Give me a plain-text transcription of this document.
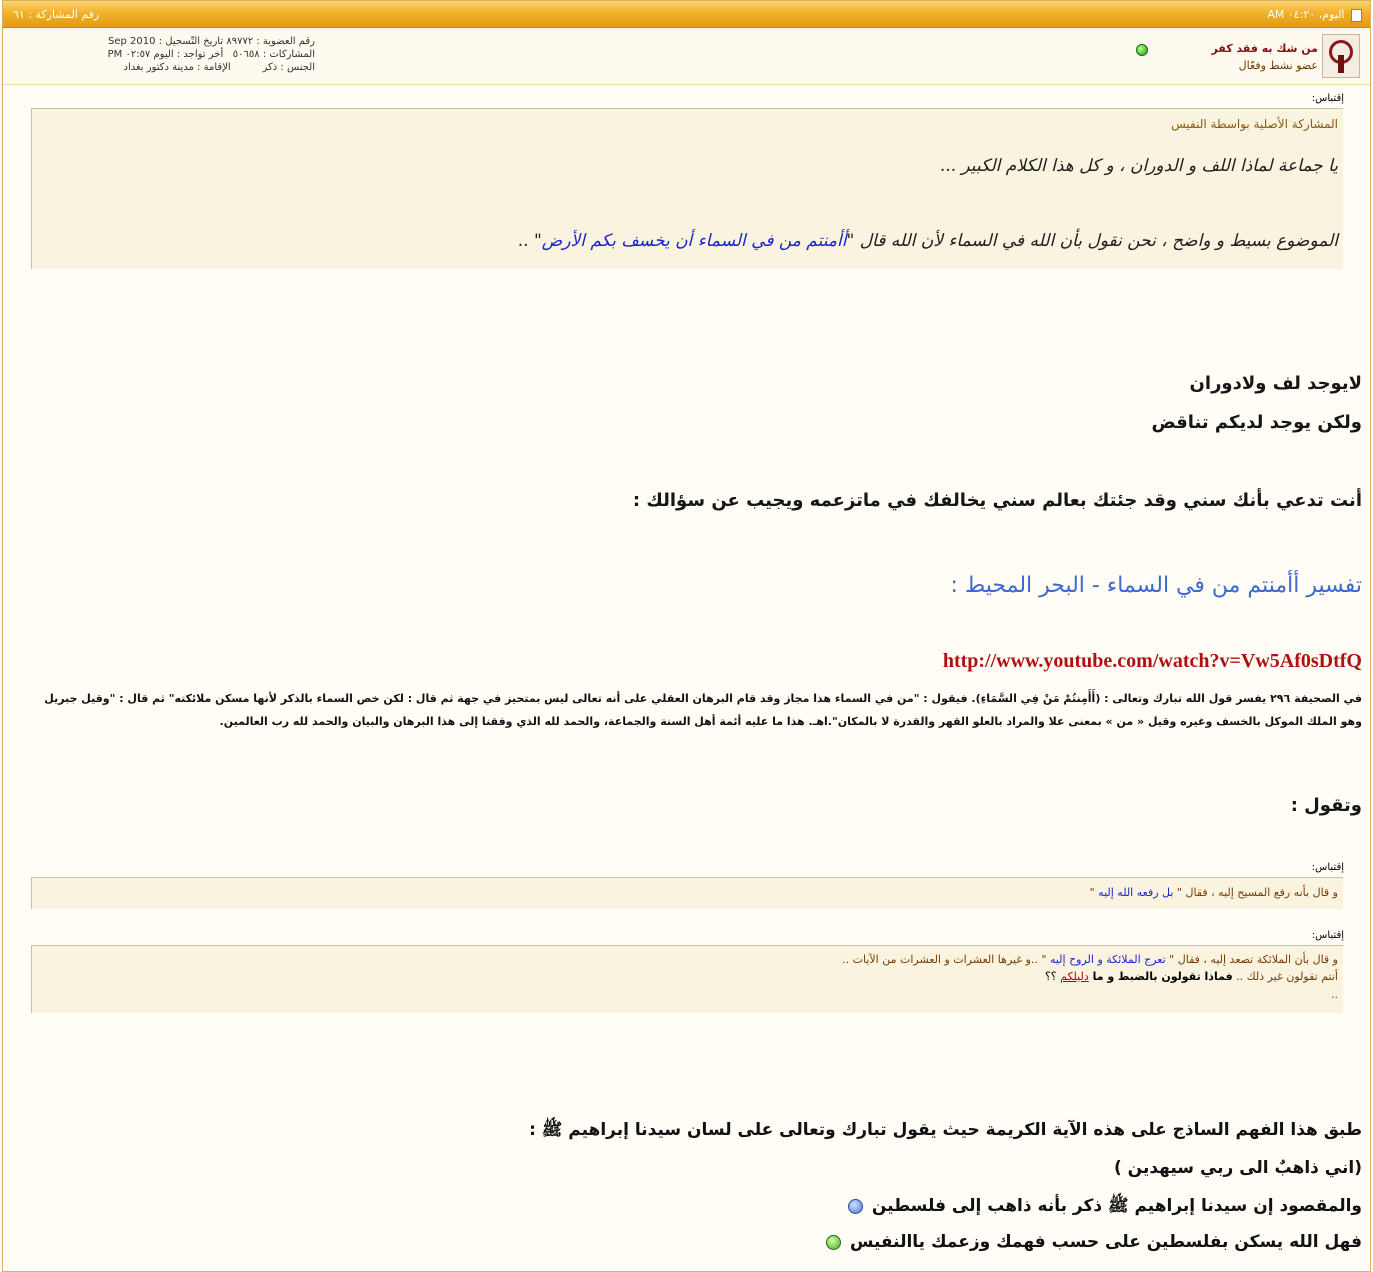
اليوم، ٠٤:٢٠ AM
رقم المشاركة : ٦١
من شك به فقد كفر
عضو نشط وفعّال
رقم العضوية : ٨٩٧٧٢ تاريخ التّسجيل : Sep 2010
المشاركات : ٥٠٦٥٨   أخر تواجد : اليوم ٠٢:٥٧ PM
الجنس : ذكر          الإقامة : مدينة دكتور بغداد
إقتباس:
المشاركة الأصلية بواسطة النفيس
يا جماعة لماذا اللف و الدوران ، و كل هذا الكلام الكبير ...
الموضوع بسيط و واضح ، نحن نقول بأن الله في السماء لأن الله قال "أأمنتم من في السماء أن يخسف بكم الأرض" ..
لايوجد لف ولادوران
ولكن يوجد لديكم تناقض
أنت تدعي بأنك سني وقد جئتك بعالم سني يخالفك في ماتزعمه ويجيب عن سؤالك :
تفسير أأمنتم من في السماء - البحر المحيط :
http://www.youtube.com/watch?v=Vw5Af0sDtfQ
في الصحيفة ٢٩٦ يفسر قول الله تبارك وتعالى : (أَأَمِنتُمْ مَنْ فِي السَّمَاءِ). فيقول : "من في السماء هذا مجاز وقد قام البرهان العقلي على أنه تعالى ليس بمتحيز في جهة ثم قال : لكن خص السماء بالذكر لأنها مسكن ملائكته" ثم قال : "وقيل جبريل وهو الملك الموكل بالخسف وغيره وقيل « من » بمعنى علا والمراد بالعلو القهر والقدرة لا بالمكان".اهـ. هذا ما عليه أئمة أهل السنة والجماعة، والحمد لله الذي وفقنا إلى هذا البرهان والبيان والحمد لله رب العالمين.
وتقول :
إقتباس:
و قال بأنه رفع المسيح إليه ، فقال " بل رفعه الله إليه "
إقتباس:
و قال بأن الملائكة تصعد إليه ، فقال " تعرج الملائكة و الروح إليه " ..و غيرها العشرات و العشرات من الآيات ..
أنتم تقولون غير ذلك .. فماذا تقولون بالضبط و ما دليلكم ؟؟
..
طبق هذا الفهم الساذج على هذه الآية الكريمة حيث يقول تبارك وتعالى على لسان سيدنا إبراهيم ﷺ :
(اني ذاهبٌ الى ربي سيهدين )
والمقصود إن سيدنا إبراهيم ﷺ ذكر بأنه ذاهب إلى فلسطين
فهل الله يسكن بفلسطين على حسب فهمك وزعمك ياالنفيس
